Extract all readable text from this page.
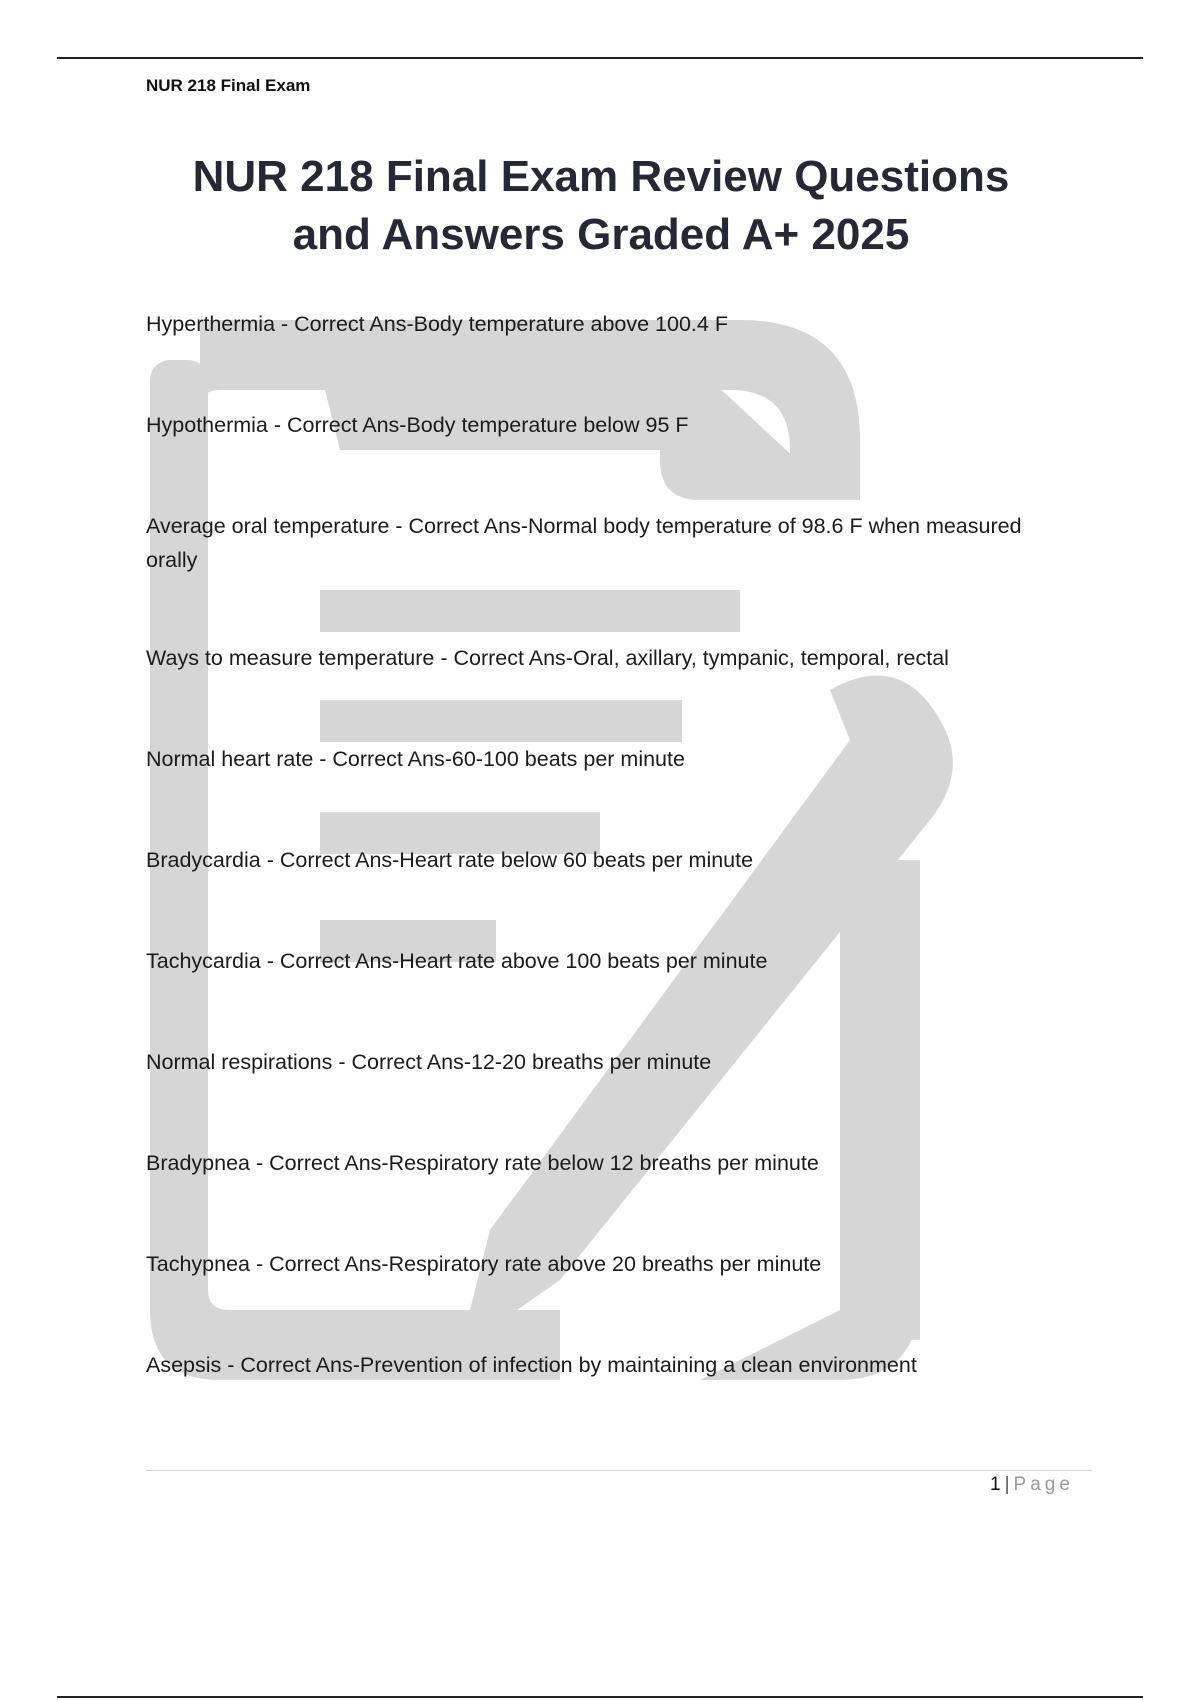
NUR 218 Final Exam
NUR 218 Final Exam Review Questions
and Answers Graded A+ 2025
Hyperthermia - Correct Ans-Body temperature above 100.4 F
Hypothermia - Correct Ans-Body temperature below 95 F
Average oral temperature - Correct Ans-Normal body temperature of 98.6 F when measured orally
Ways to measure temperature - Correct Ans-Oral, axillary, tympanic, temporal, rectal
Normal heart rate - Correct Ans-60-100 beats per minute
Bradycardia - Correct Ans-Heart rate below 60 beats per minute
Tachycardia - Correct Ans-Heart rate above 100 beats per minute
Normal respirations - Correct Ans-12-20 breaths per minute
Bradypnea - Correct Ans-Respiratory rate below 12 breaths per minute
Tachypnea - Correct Ans-Respiratory rate above 20 breaths per minute
Asepsis - Correct Ans-Prevention of infection by maintaining a clean environment
1 | Page
